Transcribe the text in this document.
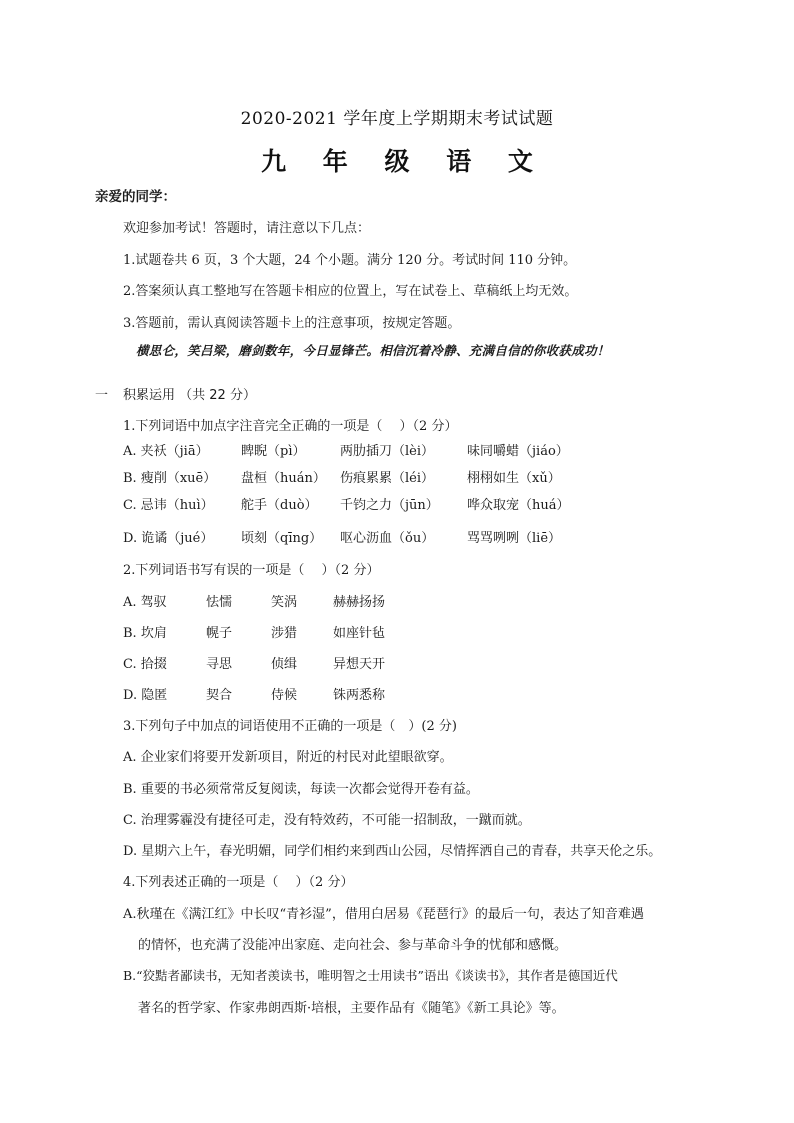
2020-2021 学年度上学期期末考试试题
九 年 级 语 文
亲爱的同学：
欢迎参加考试！答题时，请注意以下几点：
1.试题卷共 6 页，3 个大题，24 个小题。满分 120 分。考试时间 110 分钟。
2.答案须认真工整地写在答题卡相应的位置上，写在试卷上、草稿纸上均无效。
3.答题前，需认真阅读答题卡上的注意事项，按规定答题。
横思仑，笑吕梁，磨剑数年，今日显锋芒。相信沉着冷静、充满自信的你收获成功！
一 积累运用 （共 22 分）
1.下列词语中加点字注音完全正确的一项是（　 ）（2 分）
A. 夹袄（jiā） 睥睨（pì）	两肋插刀（lèi）	味同嚼蜡（jiáo）
B. 瘦削（xuē） 盘桓（huán） 伤痕累累（léi）	栩栩如生（xǔ）
C. 忌讳（huì） 舵手（duò） 千钧之力（jūn） 哗众取宠（huá）
D. 诡谲（jué） 顷刻（qīng） 呕心沥血（ǒu）	骂骂咧咧（liē）
2.下列词语书写有误的一项是（　 ）（2 分）
A. 驾驭	怯懦	笑涡	赫赫扬扬
B. 坎肩	幌子	涉猎	如座针毡
C. 拾掇	寻思	侦缉	异想天开
D. 隐匿	契合	侍候	铢两悉称
3.下列句子中加点的词语使用不正确的一项是（　）(2 分)
A. 企业家们将要开发新项目，附近的村民对此望眼欲穿。
B. 重要的书必须常常反复阅读，每读一次都会觉得开卷有益。
C. 治理雾霾没有捷径可走，没有特效药，不可能一招制敌，一蹴而就。
D. 星期六上午，春光明媚，同学们相约来到西山公园，尽情挥洒自己的青春，共享天伦之乐。
4.下列表述正确的一项是（　 ）（2 分）
A.秋瑾在《满江红》中长叹“青衫湿”，借用白居易《琵琶行》的最后一句，表达了知音难遇
的情怀，也充满了没能冲出家庭、走向社会、参与革命斗争的忧郁和感慨。
B.“狡黠者鄙读书，无知者羡读书，唯明智之士用读书”语出《谈读书》，其作者是德国近代
著名的哲学家、作家弗朗西斯·培根，主要作品有《随笔》《新工具论》等。
